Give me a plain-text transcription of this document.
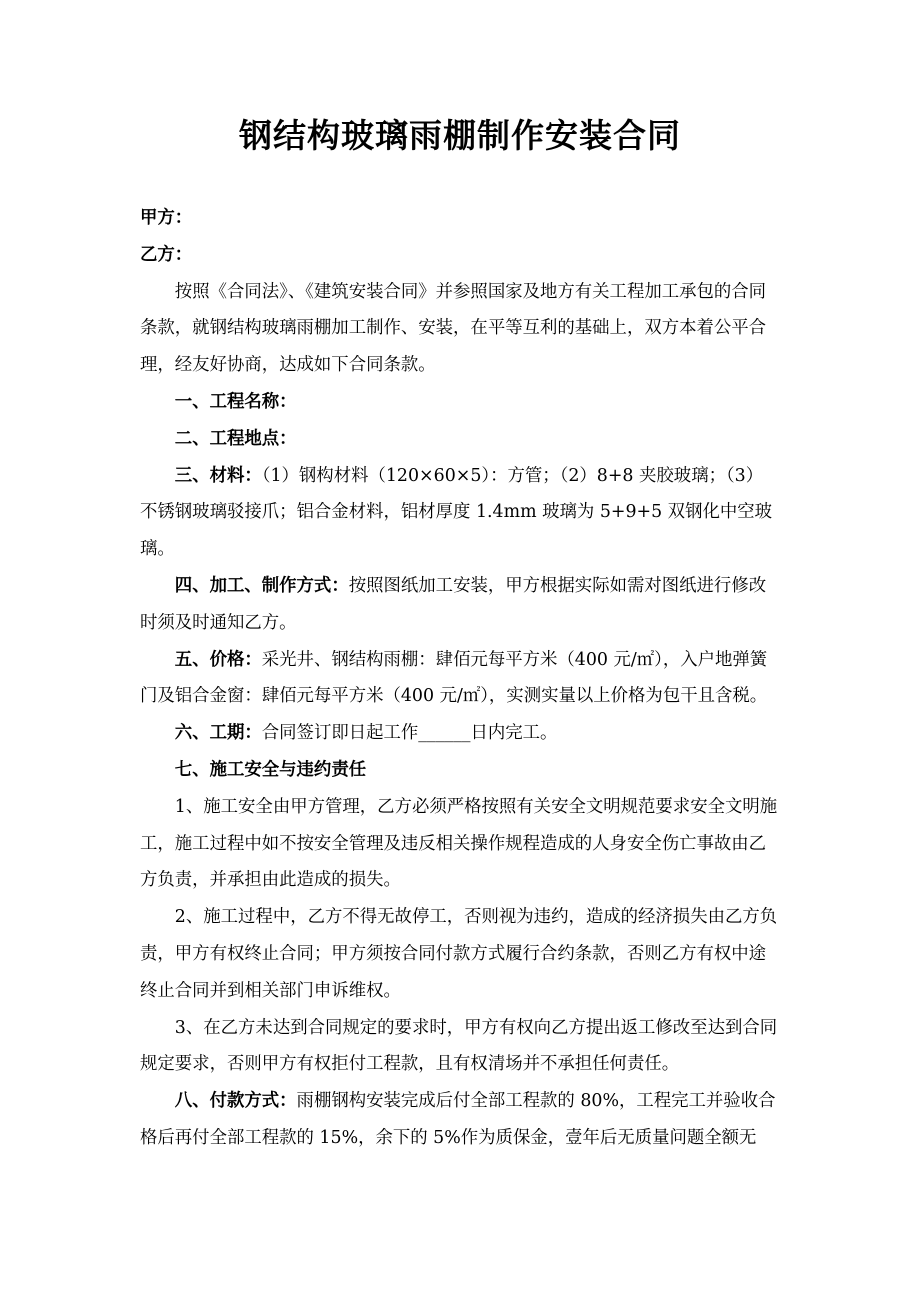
钢结构玻璃雨棚制作安装合同

甲方：

乙方：

按照《合同法》、《建筑安装合同》并参照国家及地方有关工程加工承包的合同条款，就钢结构玻璃雨棚加工制作、安装，在平等互利的基础上，双方本着公平合理，经友好协商，达成如下合同条款。

一、工程名称：

二、工程地点：

三、材料：（1）钢构材料（120×60×5）：方管；（2）8+8 夹胶玻璃；（3）不锈钢玻璃驳接爪；铝合金材料，铝材厚度 1.4mm 玻璃为 5+9+5 双钢化中空玻璃。

四、加工、制作方式：按照图纸加工安装，甲方根据实际如需对图纸进行修改时须及时通知乙方。

五、价格：采光井、钢结构雨棚：肆佰元每平方米（400 元/㎡），入户地弹簧门及铝合金窗：肆佰元每平方米（400 元/㎡），实测实量以上价格为包干且含税。

六、工期：合同签订即日起工作______日内完工。

七、施工安全与违约责任

1、施工安全由甲方管理，乙方必须严格按照有关安全文明规范要求安全文明施工，施工过程中如不按安全管理及违反相关操作规程造成的人身安全伤亡事故由乙方负责，并承担由此造成的损失。

2、施工过程中，乙方不得无故停工，否则视为违约，造成的经济损失由乙方负责，甲方有权终止合同；甲方须按合同付款方式履行合约条款，否则乙方有权中途终止合同并到相关部门申诉维权。

3、在乙方未达到合同规定的要求时，甲方有权向乙方提出返工修改至达到合同规定要求，否则甲方有权拒付工程款，且有权清场并不承担任何责任。

八、付款方式：雨棚钢构安装完成后付全部工程款的 80%，工程完工并验收合格后再付全部工程款的 15%，余下的 5%作为质保金，壹年后无质量问题全额无
